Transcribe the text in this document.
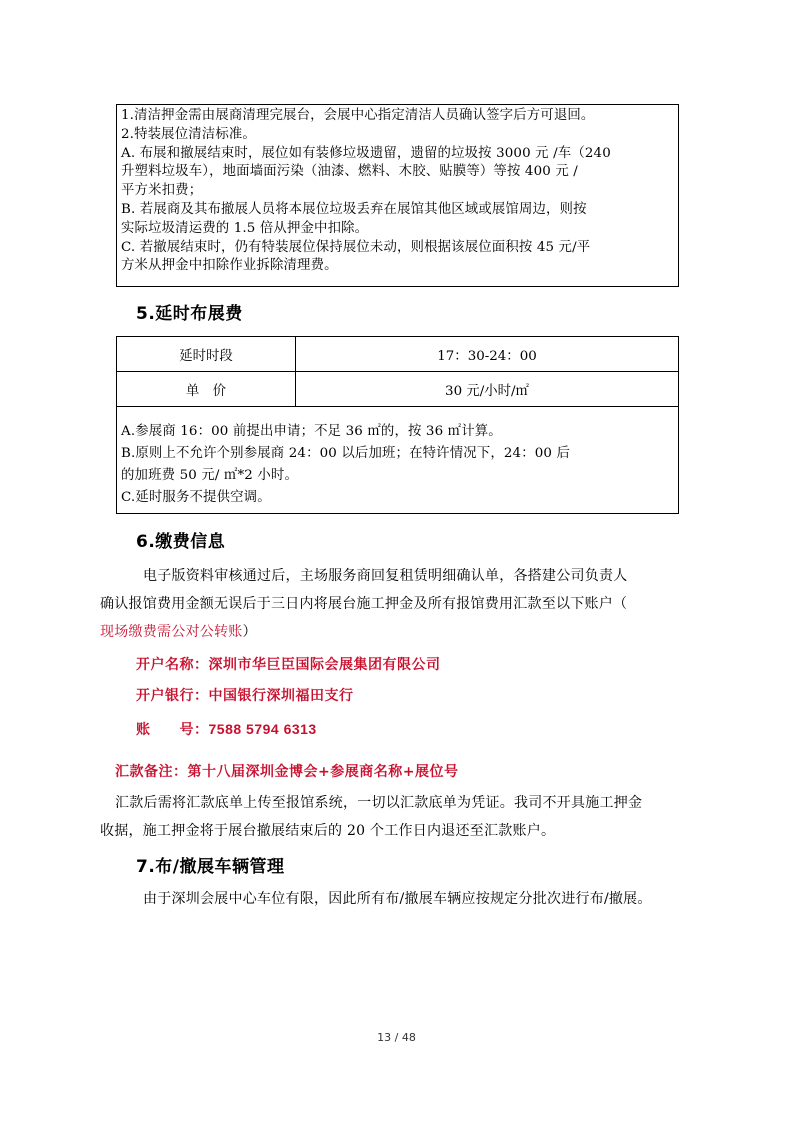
1.清洁押金需由展商清理完展台，会展中心指定清洁人员确认签字后方可退回。

2.特装展位清洁标准。

A. 布展和撤展结束时，展位如有装修垃圾遗留，遗留的垃圾按 3000 元 /车（240

升塑料垃圾车），地面墙面污染（油漆、燃料、木胶、贴膜等）等按 400 元 /

平方米扣费；

B. 若展商及其布撤展人员将本展位垃圾丢弃在展馆其他区域或展馆周边，则按

实际垃圾清运费的 1.5 倍从押金中扣除。

C. 若撤展结束时，仍有特装展位保持展位未动，则根据该展位面积按 45 元/平

方米从押金中扣除作业拆除清理费。

5.延时布展费
延时时段	17：30-24：00
单　价	30 元/小时/㎡

A.参展商 16：00 前提出申请；不足 36 ㎡的，按 36 ㎡计算。

B.原则上不允许个别参展商 24：00 以后加班；在特许情况下，24：00 后

的加班费 50 元/ ㎡*2 小时。

C.延时服务不提供空调。

6.缴费信息

电子版资料审核通过后，主场服务商回复租赁明细确认单，各搭建公司负责人
确认报馆费用金额无误后于三日内将展台施工押金及所有报馆费用汇款至以下账户（
现场缴费需公对公转账）

开户名称：深圳市华巨臣国际会展集团有限公司

开户银行：中国银行深圳福田支行

账　　号：7588 5794 6313

汇款备注：第十八届深圳金博会+参展商名称+展位号

汇款后需将汇款底单上传至报馆系统，一切以汇款底单为凭证。我司不开具施工押金
收据，施工押金将于展台撤展结束后的 20 个工作日内退还至汇款账户。

7.布/撤展车辆管理

由于深圳会展中心车位有限，因此所有布/撤展车辆应按规定分批次进行布/撤展。

13 / 48
